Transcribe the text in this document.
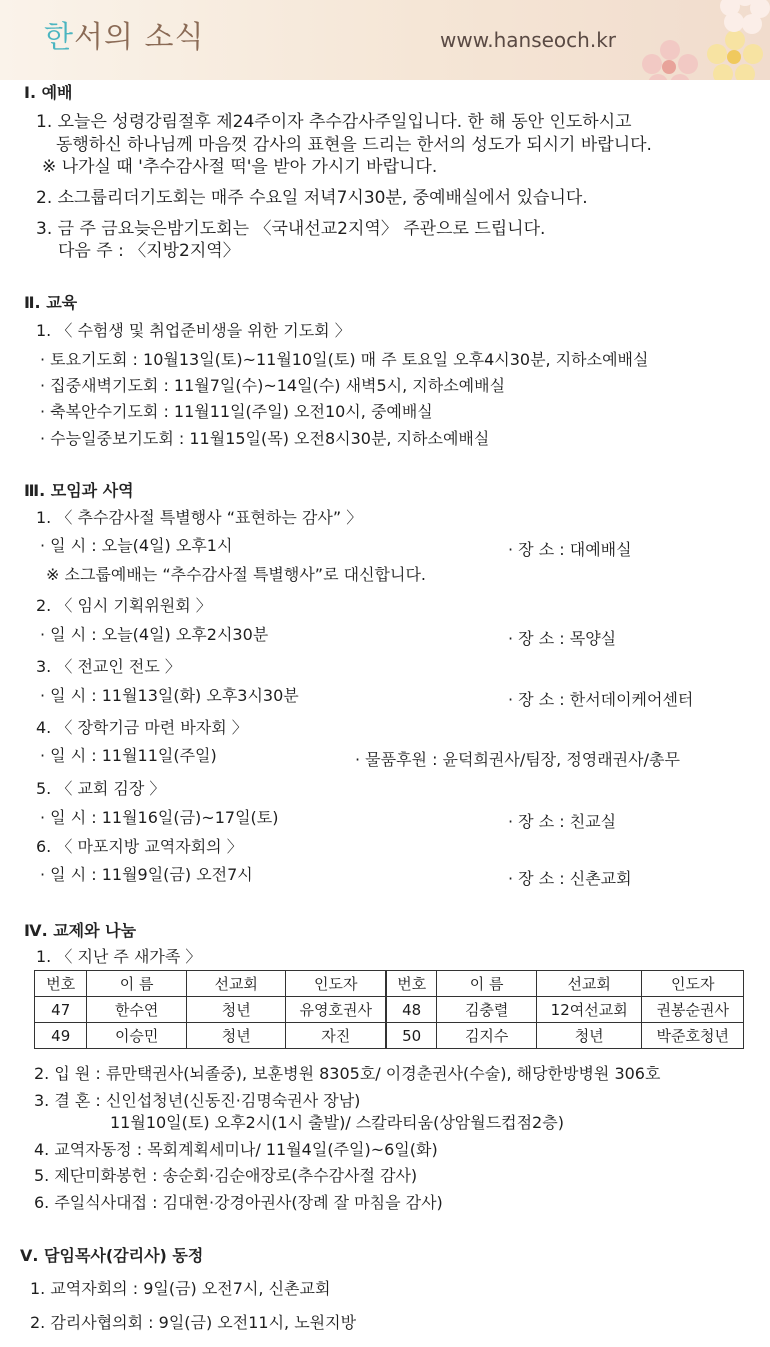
한서의 소식	www.hanseoch.kr
Ⅰ. 예배
1. 오늘은 성령강림절후 제24주이자 추수감사주일입니다. 한 해 동안 인도하시고
동행하신 하나님께 마음껏 감사의 표현을 드리는 한서의 성도가 되시기 바랍니다.
※ 나가실 때 '추수감사절 떡'을 받아 가시기 바랍니다.
2. 소그룹리더기도회는 매주 수요일 저녁7시30분, 중예배실에서 있습니다.
3. 금 주 금요늦은밤기도회는 〈국내선교2지역〉 주관으로 드립니다.
다음 주 : 〈지방2지역〉
Ⅱ. 교육
1. 〈 수험생 및 취업준비생을 위한 기도회 〉
· 토요기도회 : 10월13일(토)~11월10일(토) 매 주 토요일 오후4시30분, 지하소예배실
· 집중새벽기도회 : 11월7일(수)~14일(수) 새벽5시, 지하소예배실
· 축복안수기도회 : 11월11일(주일) 오전10시, 중예배실
· 수능일중보기도회 : 11월15일(목) 오전8시30분, 지하소예배실
Ⅲ. 모임과 사역
1. 〈 추수감사절 특별행사 “표현하는 감사” 〉
· 일 시 : 오늘(4일) 오후1시	· 장 소 : 대예배실
※ 소그룹예배는 “추수감사절 특별행사”로 대신합니다.
2. 〈 임시 기획위원회 〉
· 일 시 : 오늘(4일) 오후2시30분	· 장 소 : 목양실
3. 〈 전교인 전도 〉
· 일 시 : 11월13일(화) 오후3시30분	· 장 소 : 한서데이케어센터
4. 〈 장학기금 마련 바자회 〉
· 일 시 : 11월11일(주일)	· 물품후원 : 윤덕희권사/팀장, 정영래권사/총무
5. 〈 교회 김장 〉
· 일 시 : 11월16일(금)~17일(토)	· 장 소 : 친교실
6. 〈 마포지방 교역자회의 〉
· 일 시 : 11월9일(금) 오전7시	· 장 소 : 신촌교회
Ⅳ. 교제와 나눔
1. 〈 지난 주 새가족 〉
번호	이 름	선교회	인도자	번호	이 름	선교회	인도자
47	한수연	청년	유영호권사	48	김충렬	12여선교회	권봉순권사
49	이승민	청년	자진	50	김지수	청년	박준호청년
2. 입 원 : 류만택권사(뇌졸중), 보훈병원 8305호/ 이경춘권사(수술), 해당한방병원 306호
3. 결 혼 : 신인섭청년(신동진·김명숙권사 장남)
11월10일(토) 오후2시(1시 출발)/ 스칼라티움(상암월드컵점2층)
4. 교역자동정 : 목회계획세미나/ 11월4일(주일)~6일(화)
5. 제단미화봉헌 : 송순회·김순애장로(추수감사절 감사)
6. 주일식사대접 : 김대현·강경아권사(장례 잘 마침을 감사)
Ⅴ. 담임목사(감리사) 동정
1. 교역자회의 : 9일(금) 오전7시, 신촌교회
2. 감리사협의회 : 9일(금) 오전11시, 노원지방
